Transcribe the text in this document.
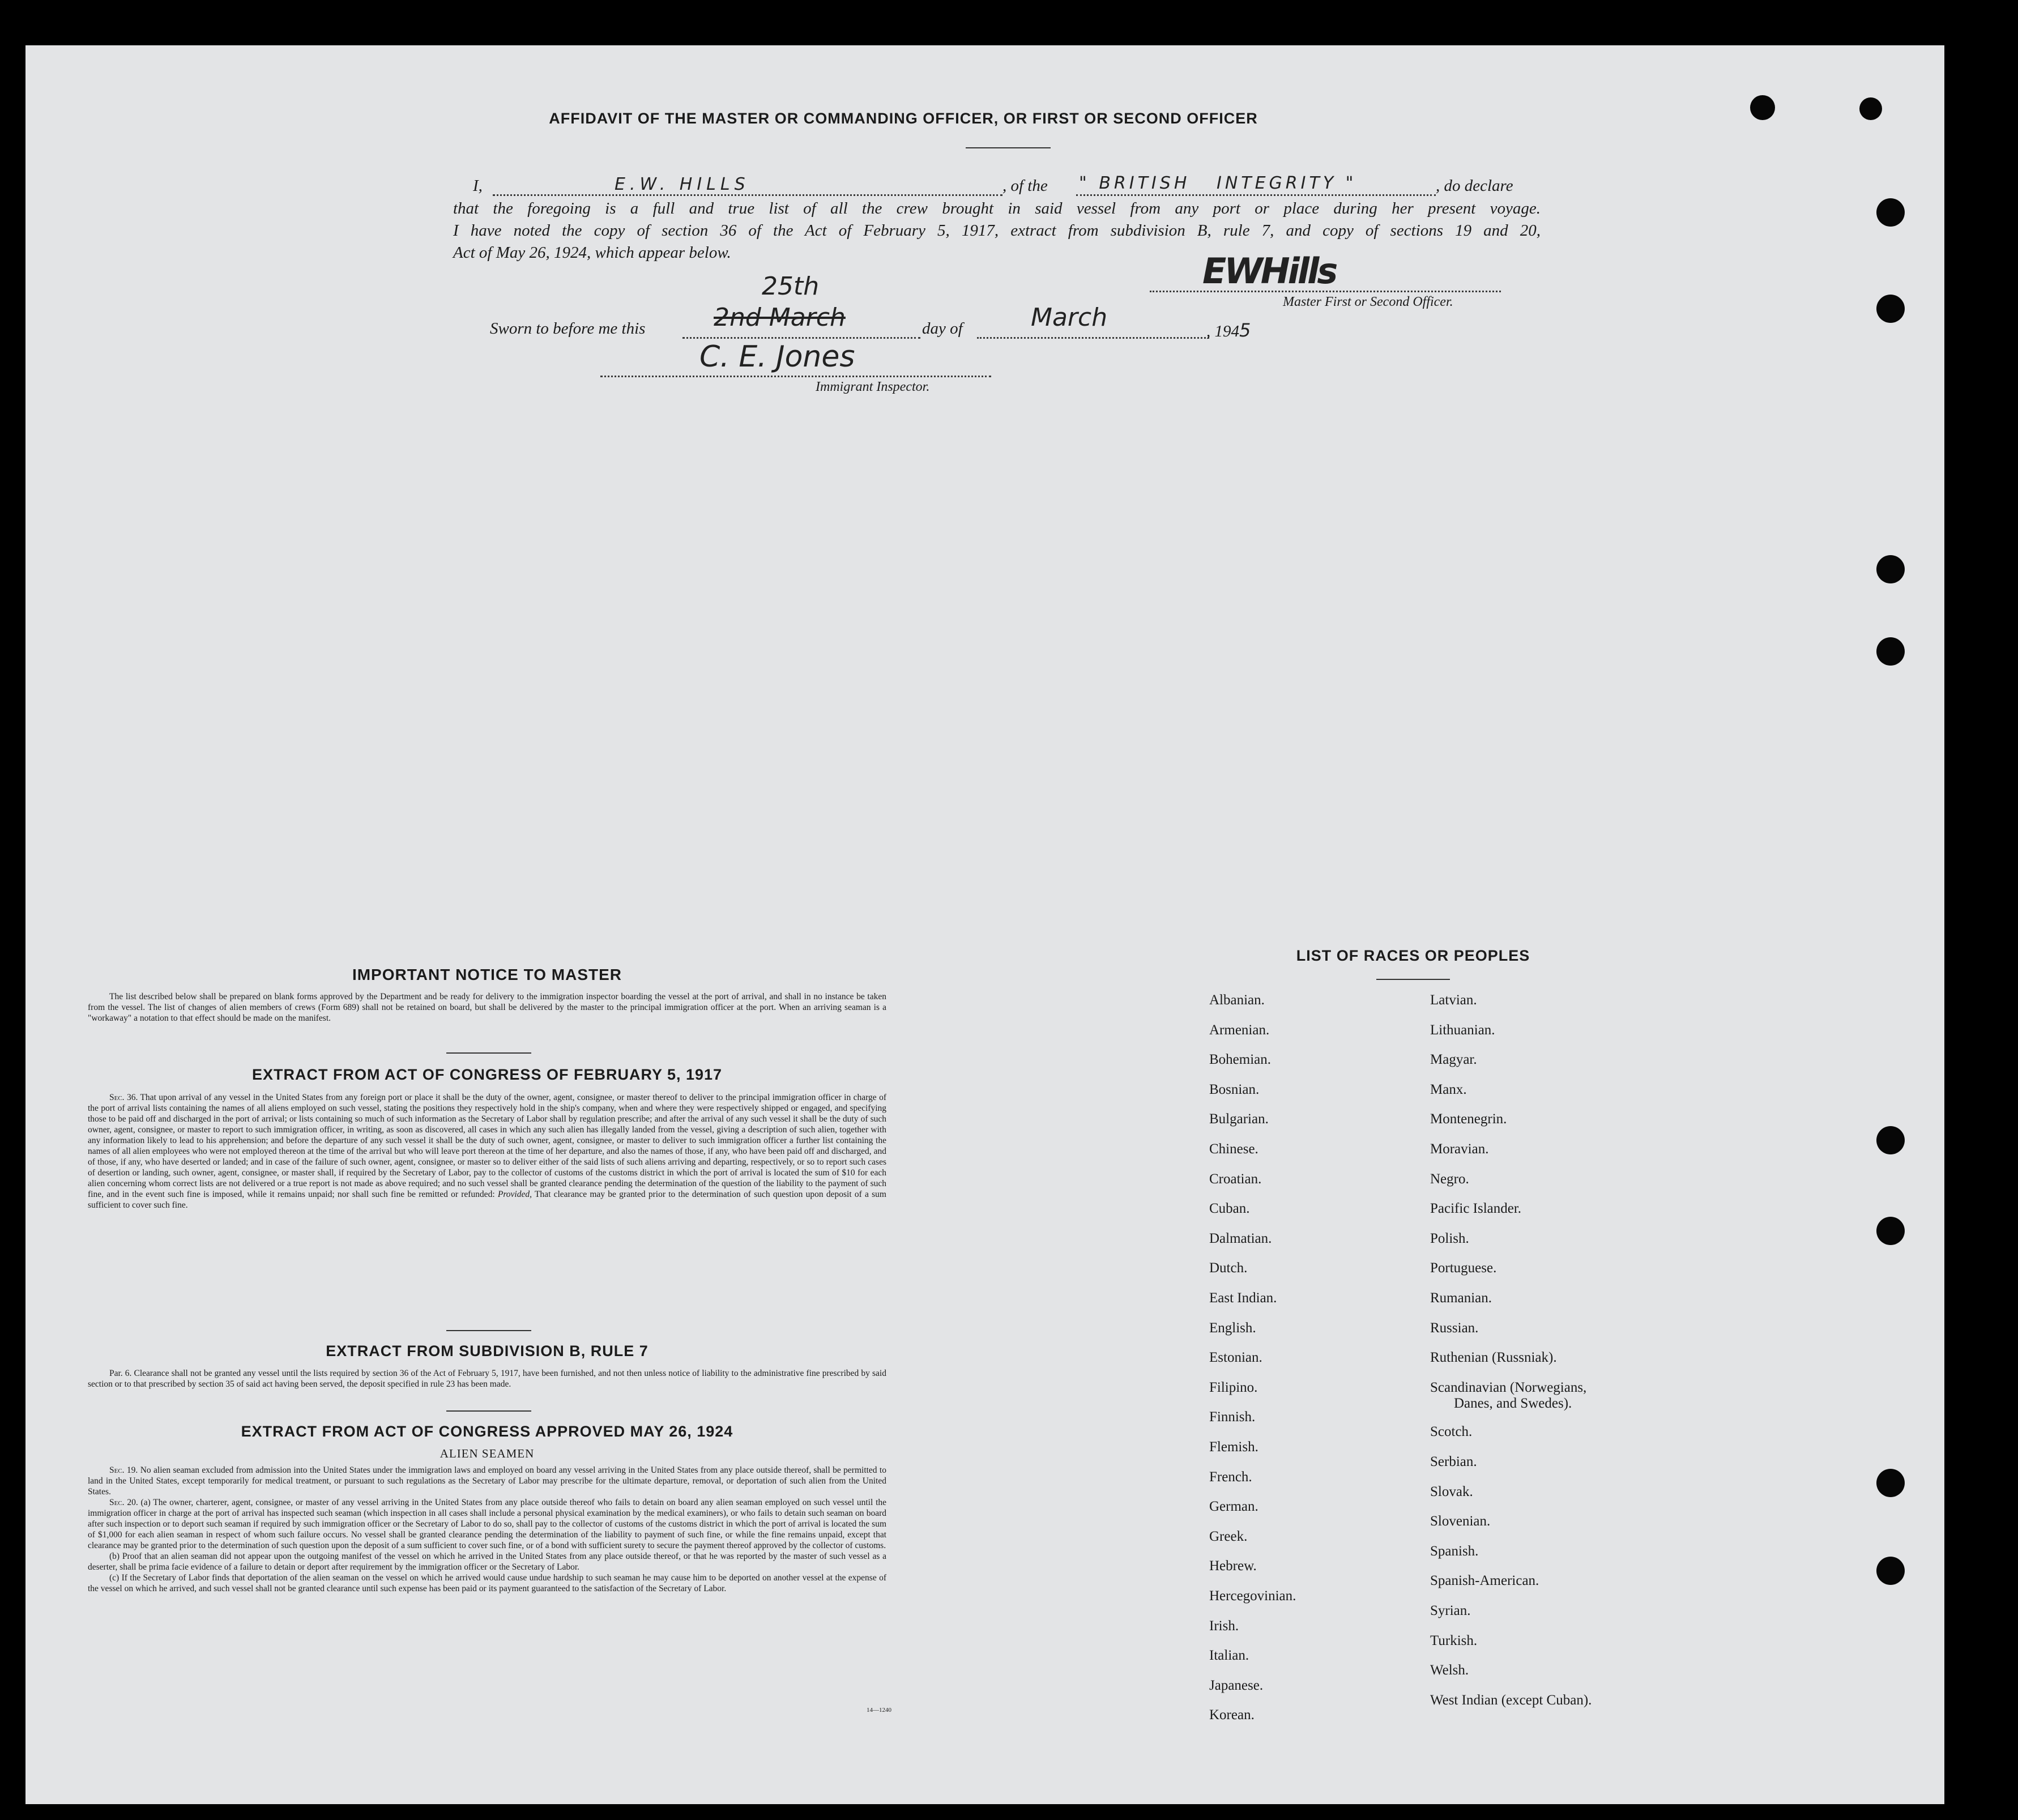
AFFIDAVIT OF THE MASTER OR COMMANDING OFFICER, OR FIRST OR SECOND OFFICER
I,	E.W. HILLS	, of the " BRITISH   INTEGRITY "	, do declare
that the foregoing is a full and true list of all the crew brought in said vessel from any port or place during her present voyage.
I have noted the copy of section 36 of the Act of February 5, 1917, extract from subdivision B, rule 7, and copy of sections 19 and 20,
Act of May 26, 1924, which appear below.	EWHills
Master First or Second Officer.
Sworn to before me this
25th
2nd March	day of	March	, 1945
C. E. Jones
Immigrant Inspector.
IMPORTANT NOTICE TO MASTER

The list described below shall be prepared on blank forms approved by the Department and be ready for delivery to the immigration inspector boarding the vessel at the port of arrival, and shall in no instance be taken from the vessel. The list of changes of alien members of crews (Form 689) shall not be retained on board, but shall be delivered by the master to the principal immigration officer at the port. When an arriving seaman is a "workaway" a notation to that effect should be made on the manifest.

EXTRACT FROM ACT OF CONGRESS OF FEBRUARY 5, 1917

Sec. 36. That upon arrival of any vessel in the United States from any foreign port or place it shall be the duty of the owner, agent, consignee, or master thereof to deliver to the principal immigration officer in charge of the port of arrival lists containing the names of all aliens employed on such vessel, stating the positions they respectively hold in the ship's company, when and where they were respectively shipped or engaged, and specifying those to be paid off and discharged in the port of arrival; or lists containing so much of such information as the Secretary of Labor shall by regulation prescribe; and after the arrival of any such vessel it shall be the duty of such owner, agent, consignee, or master to report to such immigration officer, in writing, as soon as discovered, all cases in which any such alien has illegally landed from the vessel, giving a description of such alien, together with any information likely to lead to his apprehension; and before the departure of any such vessel it shall be the duty of such owner, agent, consignee, or master to deliver to such immigration officer a further list containing the names of all alien employees who were not employed thereon at the time of the arrival but who will leave port thereon at the time of her departure, and also the names of those, if any, who have been paid off and discharged, and of those, if any, who have deserted or landed; and in case of the failure of such owner, agent, consignee, or master so to deliver either of the said lists of such aliens arriving and departing, respectively, or so to report such cases of desertion or landing, such owner, agent, consignee, or master shall, if required by the Secretary of Labor, pay to the collector of customs of the customs district in which the port of arrival is located the sum of $10 for each alien concerning whom correct lists are not delivered or a true report is not made as above required; and no such vessel shall be granted clearance pending the determination of the question of the liability to the payment of such fine, and in the event such fine is imposed, while it remains unpaid; nor shall such fine be remitted or refunded: Provided, That clearance may be granted prior to the determination of such question upon deposit of a sum sufficient to cover such fine.

EXTRACT FROM SUBDIVISION B, RULE 7

Par. 6. Clearance shall not be granted any vessel until the lists required by section 36 of the Act of February 5, 1917, have been furnished, and not then unless notice of liability to the administrative fine prescribed by said section or to that prescribed by section 35 of said act having been served, the deposit specified in rule 23 has been made.

EXTRACT FROM ACT OF CONGRESS APPROVED MAY 26, 1924
ALIEN SEAMEN

Sec. 19. No alien seaman excluded from admission into the United States under the immigration laws and employed on board any vessel arriving in the United States from any place outside thereof, shall be permitted to land in the United States, except temporarily for medical treatment, or pursuant to such regulations as the Secretary of Labor may prescribe for the ultimate departure, removal, or deportation of such alien from the United States.

Sec. 20. (a) The owner, charterer, agent, consignee, or master of any vessel arriving in the United States from any place outside thereof who fails to detain on board any alien seaman employed on such vessel until the immigration officer in charge at the port of arrival has inspected such seaman (which inspection in all cases shall include a personal physical examination by the medical examiners), or who fails to detain such seaman on board after such inspection or to deport such seaman if required by such immigration officer or the Secretary of Labor to do so, shall pay to the collector of customs of the customs district in which the port of arrival is located the sum of $1,000 for each alien seaman in respect of whom such failure occurs. No vessel shall be granted clearance pending the determination of the liability to payment of such fine, or while the fine remains unpaid, except that clearance may be granted prior to the determination of such question upon the deposit of a sum sufficient to cover such fine, or of a bond with sufficient surety to secure the payment thereof approved by the collector of customs.

(b) Proof that an alien seaman did not appear upon the outgoing manifest of the vessel on which he arrived in the United States from any place outside thereof, or that he was reported by the master of such vessel as a deserter, shall be prima facie evidence of a failure to detain or deport after requirement by the immigration officer or the Secretary of Labor.

(c) If the Secretary of Labor finds that deportation of the alien seaman on the vessel on which he arrived would cause undue hardship to such seaman he may cause him to be deported on another vessel at the expense of the vessel on which he arrived, and such vessel shall not be granted clearance until such expense has been paid or its payment guaranteed to the satisfaction of the Secretary of Labor.

14—1240
LIST OF RACES OR PEOPLES
Albanian.
Armenian.
Bohemian.
Bosnian.
Bulgarian.
Chinese.
Croatian.
Cuban.
Dalmatian.
Dutch.
East Indian.
English.
Estonian.
Filipino.
Finnish.
Flemish.
French.
German.
Greek.
Hebrew.
Hercegovinian.
Irish.
Italian.
Japanese.
Korean.
Latvian.
Lithuanian.
Magyar.
Manx.
Montenegrin.
Moravian.
Negro.
Pacific Islander.
Polish.
Portuguese.
Rumanian.
Russian.
Ruthenian (Russniak).
Scandinavian (Norwegians,
Danes, and Swedes).
Scotch.
Serbian.
Slovak.
Slovenian.
Spanish.
Spanish-American.
Syrian.
Turkish.
Welsh.
West Indian (except Cuban).
